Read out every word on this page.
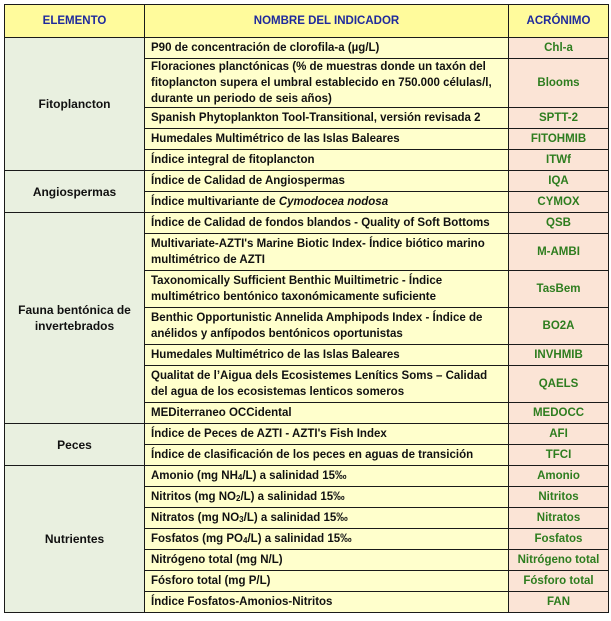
ELEMENTO	NOMBRE DEL INDICADOR	ACRÓNIMO
Fitoplancton	P90 de concentración de clorofila-a (µg/L)	Chl-a
	Floraciones planctónicas (% de muestras donde un taxón del fitoplancton supera el umbral establecido en 750.000 células/l, durante un periodo de seis años)	Blooms
	Spanish Phytoplankton Tool-Transitional, versión revisada 2	SPTT-2
	Humedales Multimétrico de las Islas Baleares	FITOHMIB
	Índice integral de fitoplancton	ITWf
Angiospermas	Índice de Calidad de Angiospermas	IQA
	Índice multivariante de Cymodocea nodosa	CYMOX
Fauna bentónica de invertebrados	Índice de Calidad de fondos blandos - Quality of Soft Bottoms	QSB
	Multivariate-AZTI's Marine Biotic Index- Índice biótico marino multimétrico de AZTI	M-AMBI
	Taxonomically Sufficient Benthic Muiltimetric - Índice multimétrico bentónico taxonómicamente suficiente	TasBem
	Benthic Opportunistic Annelida Amphipods Index - Índice de anélidos y anfípodos bentónicos oportunistas	BO2A
	Humedales Multimétrico de las Islas Baleares	INVHMIB
	Qualitat de l’Aigua dels Ecosistemes Lenítics Soms – Calidad del agua de los ecosistemas lenticos someros	QAELS
	MEDiterraneo OCCidental	MEDOCC
Peces	Índice de Peces de AZTI - AZTI's Fish Index	AFI
	Índice de clasificación de los peces en aguas de transición	TFCI
Nutrientes	Amonio (mg $NH_4/L$) a salinidad 15‰	Amonio
	Nitritos (mg $NO_2/L$) a salinidad 15‰	Nitritos
	Nitratos (mg $NO_3/L$) a salinidad 15‰	Nitratos
	Fosfatos (mg $PO_4/L$) a salinidad 15‰	Fosfatos
	Nitrógeno total (mg N/L)	Nitrógeno total
	Fósforo total (mg P/L)	Fósforo total
	Índice Fosfatos-Amonios-Nitritos	FAN
